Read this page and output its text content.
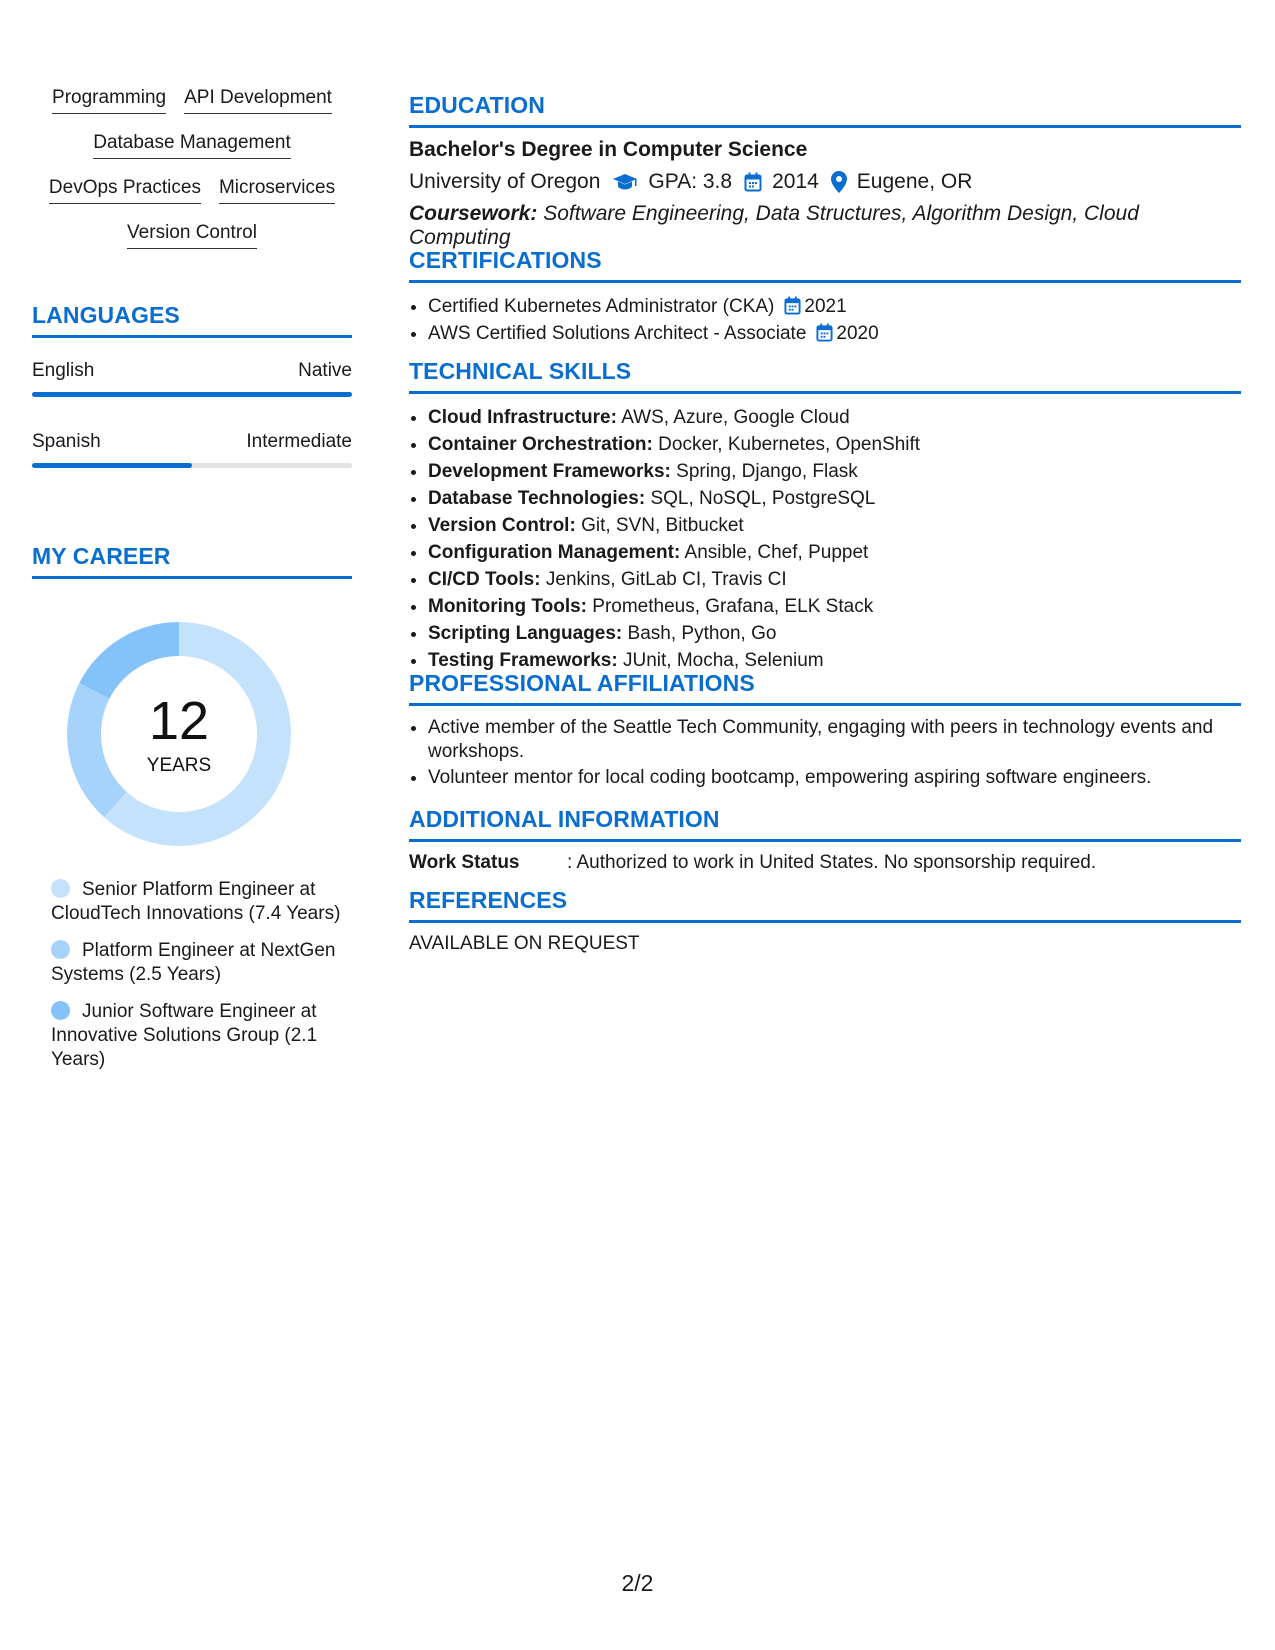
Programming API Development
Database Management
DevOps Practices Microservices
Version Control
LANGUAGES
English	Native
Spanish	Intermediate
MY CAREER
12
YEARS
Senior Platform Engineer at CloudTech Innovations (7.4 Years)
Platform Engineer at NextGen Systems (2.5 Years)
Junior Software Engineer at Innovative Solutions Group (2.1 Years)
EDUCATION
Bachelor's Degree in Computer Science
University of Oregon GPA: 3.8 2014 Eugene, OR
Coursework: Software Engineering, Data Structures, Algorithm Design, Cloud Computing
CERTIFICATIONS
• Certified Kubernetes Administrator (CKA) 2021
• AWS Certified Solutions Architect - Associate 2020
TECHNICAL SKILLS
• Cloud Infrastructure: AWS, Azure, Google Cloud
• Container Orchestration: Docker, Kubernetes, OpenShift
• Development Frameworks: Spring, Django, Flask
• Database Technologies: SQL, NoSQL, PostgreSQL
• Version Control: Git, SVN, Bitbucket
• Configuration Management: Ansible, Chef, Puppet
• CI/CD Tools: Jenkins, GitLab CI, Travis CI
• Monitoring Tools: Prometheus, Grafana, ELK Stack
• Scripting Languages: Bash, Python, Go
• Testing Frameworks: JUnit, Mocha, Selenium
PROFESSIONAL AFFILIATIONS
• Active member of the Seattle Tech Community, engaging with peers in technology events and workshops.
• Volunteer mentor for local coding bootcamp, empowering aspiring software engineers.
ADDITIONAL INFORMATION
Work Status	: Authorized to work in United States. No sponsorship required.
REFERENCES
AVAILABLE ON REQUEST
2/2
